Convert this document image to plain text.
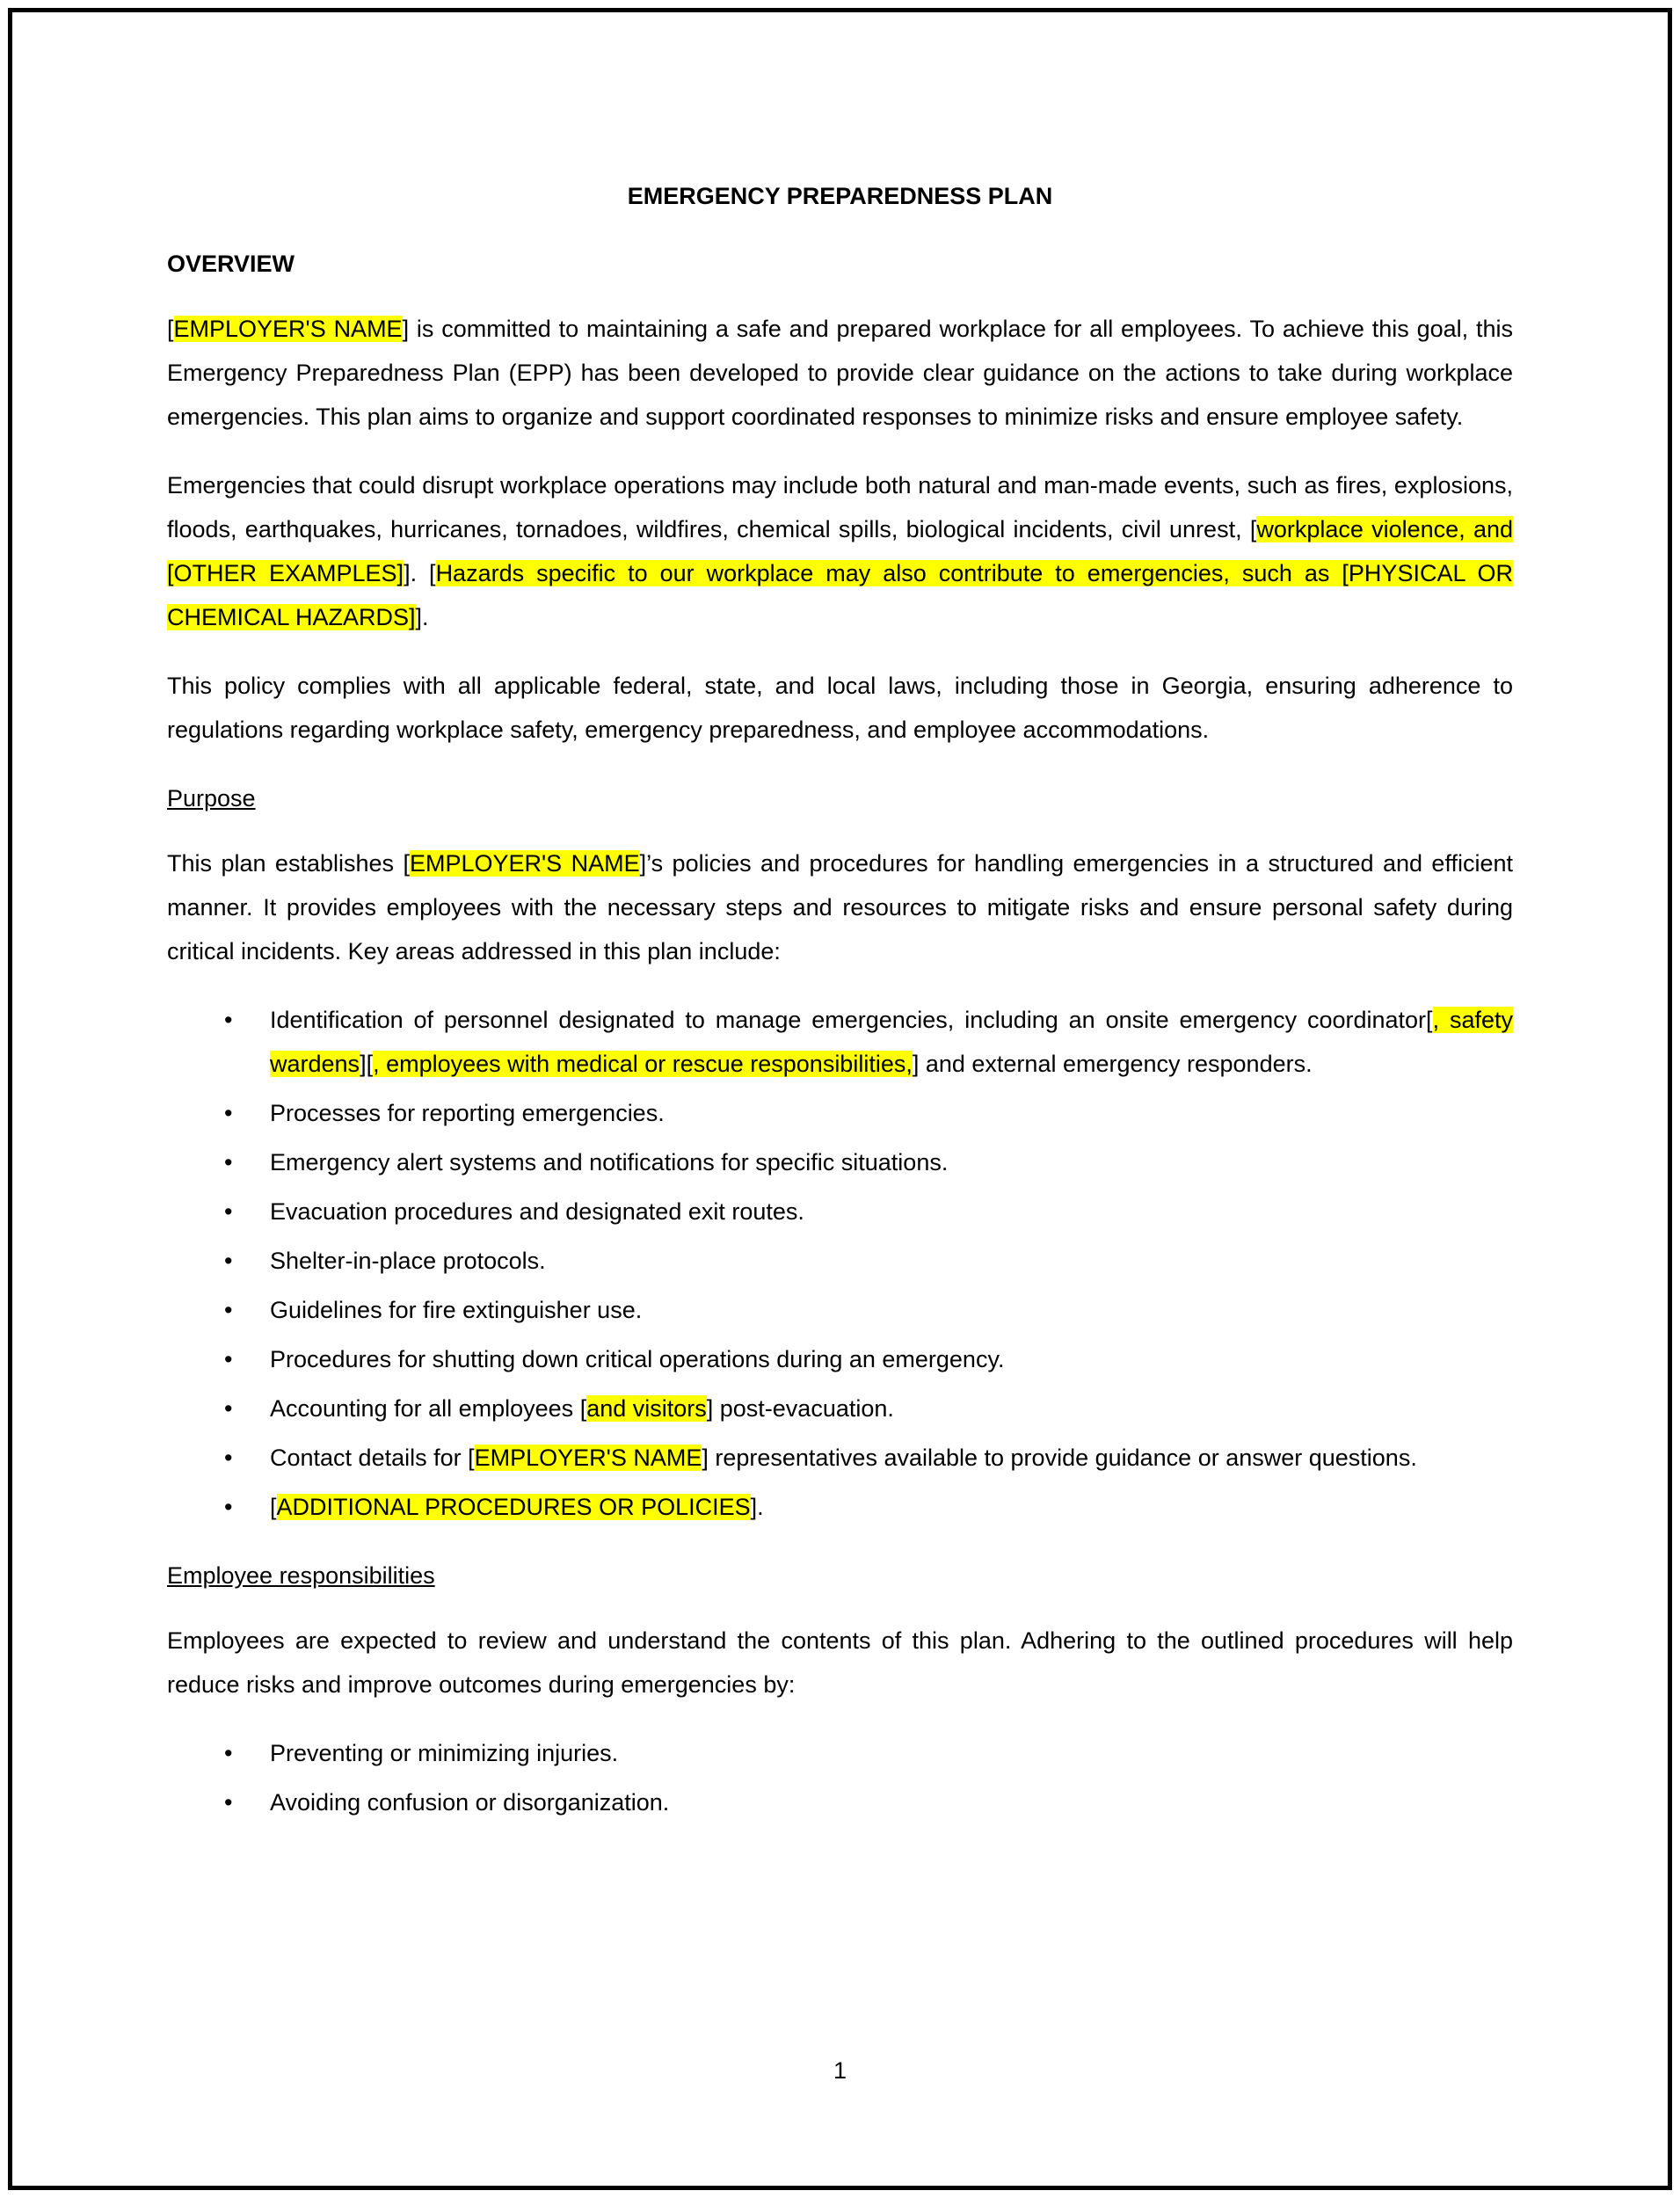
EMERGENCY PREPAREDNESS PLAN
OVERVIEW

[EMPLOYER'S NAME] is committed to maintaining a safe and prepared workplace for all employees. To achieve this goal, this Emergency Preparedness Plan (EPP) has been developed to provide clear guidance on the actions to take during workplace emergencies. This plan aims to organize and support coordinated responses to minimize risks and ensure employee safety.

Emergencies that could disrupt workplace operations may include both natural and man-made events, such as fires, explosions, floods, earthquakes, hurricanes, tornadoes, wildfires, chemical spills, biological incidents, civil unrest, [workplace violence, and [OTHER EXAMPLES]]. [Hazards specific to our workplace may also contribute to emergencies, such as [PHYSICAL OR CHEMICAL HAZARDS]].

This policy complies with all applicable federal, state, and local laws, including those in Georgia, ensuring adherence to regulations regarding workplace safety, emergency preparedness, and employee accommodations.

Purpose

This plan establishes [EMPLOYER'S NAME]’s policies and procedures for handling emergencies in a structured and efficient manner. It provides employees with the necessary steps and resources to mitigate risks and ensure personal safety during critical incidents. Key areas addressed in this plan include:

• Identification of personnel designated to manage emergencies, including an onsite emergency coordinator[, safety wardens][, employees with medical or rescue responsibilities,] and external emergency responders.
• Processes for reporting emergencies.
• Emergency alert systems and notifications for specific situations.
• Evacuation procedures and designated exit routes.
• Shelter-in-place protocols.
• Guidelines for fire extinguisher use.
• Procedures for shutting down critical operations during an emergency.
• Accounting for all employees [and visitors] post-evacuation.
• Contact details for [EMPLOYER'S NAME] representatives available to provide guidance or answer questions.
• [ADDITIONAL PROCEDURES OR POLICIES].
Employee responsibilities

Employees are expected to review and understand the contents of this plan. Adhering to the outlined procedures will help reduce risks and improve outcomes during emergencies by:

• Preventing or minimizing injuries.
• Avoiding confusion or disorganization.
1
